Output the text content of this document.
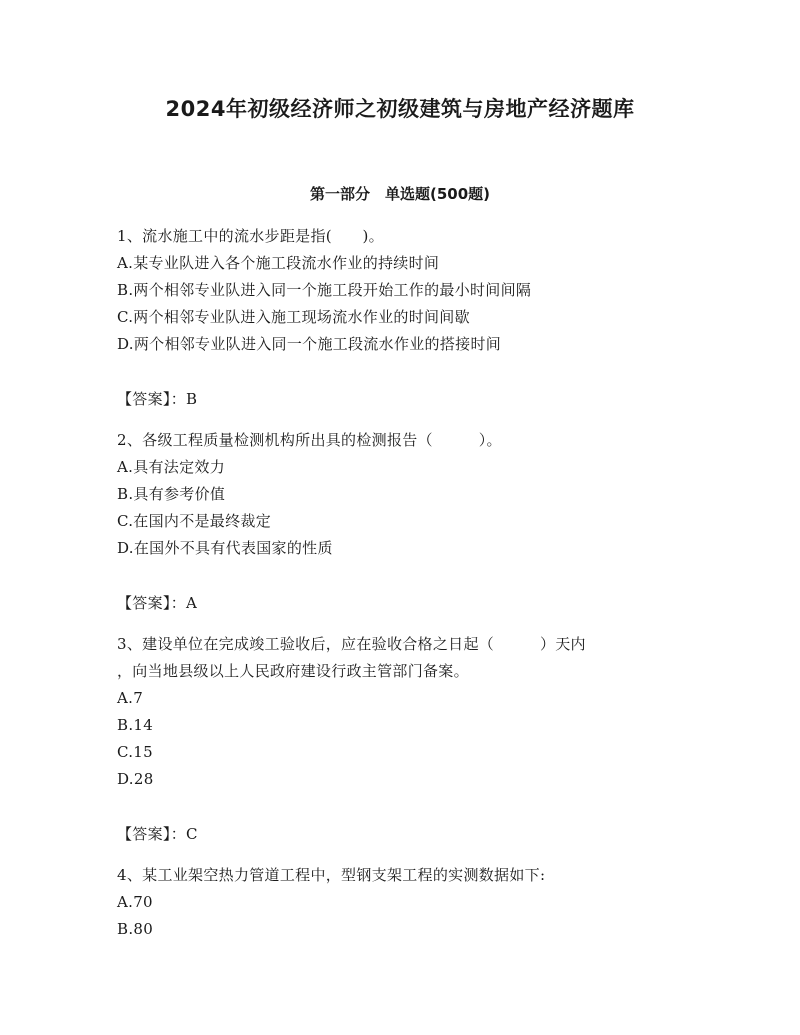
2024年初级经济师之初级建筑与房地产经济题库
第一部分　单选题(500题)
1、流水施工中的流水步距是指(　　)。
A.某专业队进入各个施工段流水作业的持续时间
B.两个相邻专业队进入同一个施工段开始工作的最小时间间隔
C.两个相邻专业队进入施工现场流水作业的时间间歇
D.两个相邻专业队进入同一个施工段流水作业的搭接时间
【答案】：B
2、各级工程质量检测机构所出具的检测报告（　　　）。
A.具有法定效力
B.具有参考价值
C.在国内不是最终裁定
D.在国外不具有代表国家的性质
【答案】：A
3、建设单位在完成竣工验收后，应在验收合格之日起（　　　）天内
，向当地县级以上人民政府建设行政主管部门备案。
A.7
B.14
C.15
D.28
【答案】：C
4、某工业架空热力管道工程中，型钢支架工程的实测数据如下:
A.70
B.80
